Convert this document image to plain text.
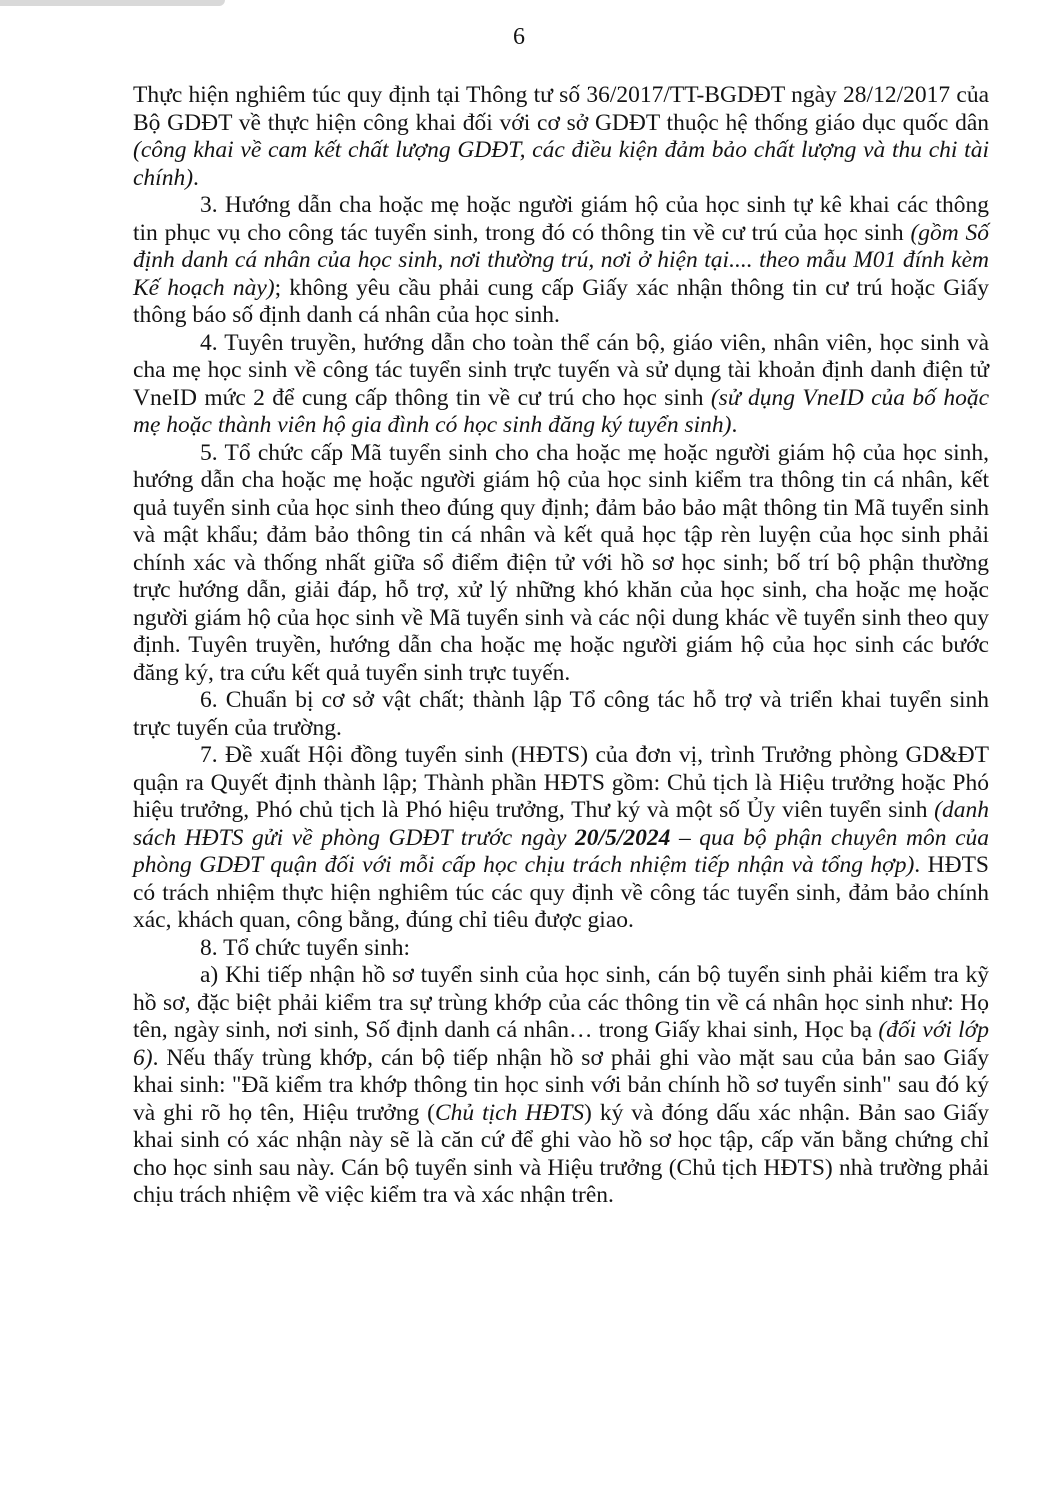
6

Thực hiện nghiêm túc quy định tại Thông tư số 36/2017/TT-BGDĐT ngày 28/12/2017 của Bộ GDĐT về thực hiện công khai đối với cơ sở GDĐT thuộc hệ thống giáo dục quốc dân (công khai về cam kết chất lượng GDĐT, các điều kiện đảm bảo chất lượng và thu chi tài chính).

3. Hướng dẫn cha hoặc mẹ hoặc người giám hộ của học sinh tự kê khai các thông tin phục vụ cho công tác tuyển sinh, trong đó có thông tin về cư trú của học sinh (gồm Số định danh cá nhân của học sinh, nơi thường trú, nơi ở hiện tại.... theo mẫu M01 đính kèm Kế hoạch này); không yêu cầu phải cung cấp Giấy xác nhận thông tin cư trú hoặc Giấy thông báo số định danh cá nhân của học sinh.

4. Tuyên truyền, hướng dẫn cho toàn thể cán bộ, giáo viên, nhân viên, học sinh và cha mẹ học sinh về công tác tuyển sinh trực tuyến và sử dụng tài khoản định danh điện tử VneID mức 2 để cung cấp thông tin về cư trú cho học sinh (sử dụng VneID của bố hoặc mẹ hoặc thành viên hộ gia đình có học sinh đăng ký tuyển sinh).

5. Tổ chức cấp Mã tuyển sinh cho cha hoặc mẹ hoặc người giám hộ của học sinh, hướng dẫn cha hoặc mẹ hoặc người giám hộ của học sinh kiểm tra thông tin cá nhân, kết quả tuyển sinh của học sinh theo đúng quy định; đảm bảo bảo mật thông tin Mã tuyển sinh và mật khẩu; đảm bảo thông tin cá nhân và kết quả học tập rèn luyện của học sinh phải chính xác và thống nhất giữa sổ điểm điện tử với hồ sơ học sinh; bố trí bộ phận thường trực hướng dẫn, giải đáp, hỗ trợ, xử lý những khó khăn của học sinh, cha hoặc mẹ hoặc người giám hộ của học sinh về Mã tuyển sinh và các nội dung khác về tuyển sinh theo quy định. Tuyên truyền, hướng dẫn cha hoặc mẹ hoặc người giám hộ của học sinh các bước đăng ký, tra cứu kết quả tuyển sinh trực tuyến.

6. Chuẩn bị cơ sở vật chất; thành lập Tổ công tác hỗ trợ và triển khai tuyển sinh trực tuyến của trường.

7. Đề xuất Hội đồng tuyển sinh (HĐTS) của đơn vị, trình Trưởng phòng GD&ĐT quận ra Quyết định thành lập; Thành phần HĐTS gồm: Chủ tịch là Hiệu trưởng hoặc Phó hiệu trưởng, Phó chủ tịch là Phó hiệu trưởng, Thư ký và một số Ủy viên tuyển sinh (danh sách HĐTS gửi về phòng GDĐT trước ngày 20/5/2024 – qua bộ phận chuyên môn của phòng GDĐT quận đối với mỗi cấp học chịu trách nhiệm tiếp nhận và tổng hợp). HĐTS có trách nhiệm thực hiện nghiêm túc các quy định về công tác tuyển sinh, đảm bảo chính xác, khách quan, công bằng, đúng chỉ tiêu được giao.

8. Tổ chức tuyển sinh:

a) Khi tiếp nhận hồ sơ tuyển sinh của học sinh, cán bộ tuyển sinh phải kiểm tra kỹ hồ sơ, đặc biệt phải kiểm tra sự trùng khớp của các thông tin về cá nhân học sinh như: Họ tên, ngày sinh, nơi sinh, Số định danh cá nhân… trong Giấy khai sinh, Học bạ (đối với lớp 6). Nếu thấy trùng khớp, cán bộ tiếp nhận hồ sơ phải ghi vào mặt sau của bản sao Giấy khai sinh: "Đã kiểm tra khớp thông tin học sinh với bản chính hồ sơ tuyển sinh" sau đó ký và ghi rõ họ tên, Hiệu trưởng (Chủ tịch HĐTS) ký và đóng dấu xác nhận. Bản sao Giấy khai sinh có xác nhận này sẽ là căn cứ để ghi vào hồ sơ học tập, cấp văn bằng chứng chỉ cho học sinh sau này. Cán bộ tuyển sinh và Hiệu trưởng (Chủ tịch HĐTS) nhà trường phải chịu trách nhiệm về việc kiểm tra và xác nhận trên.
